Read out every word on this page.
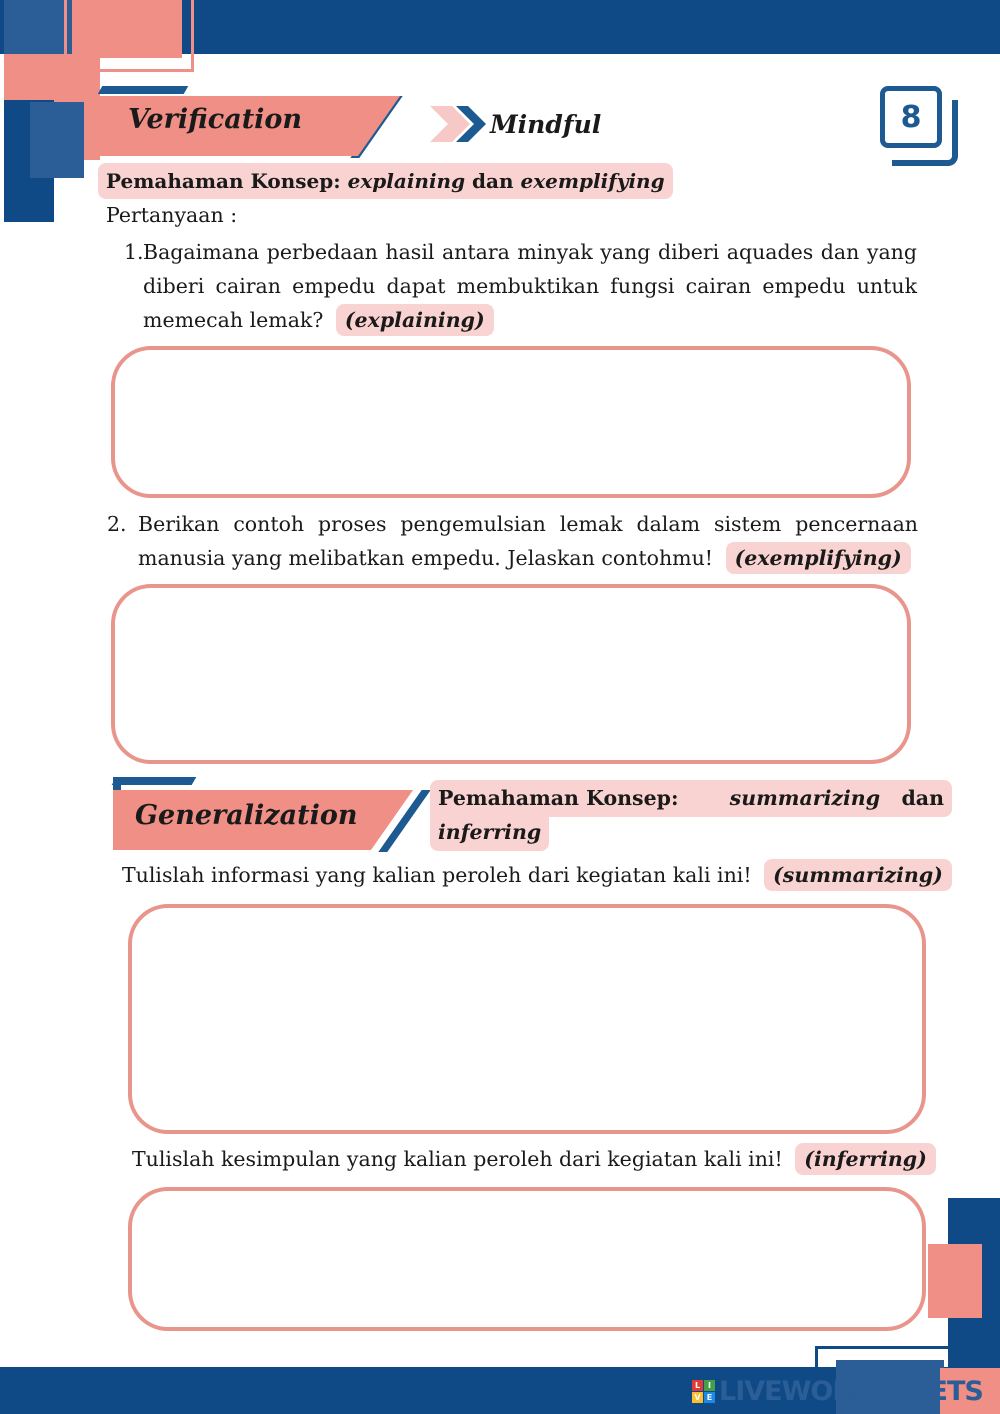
8
Verification	Mindful
Pemahaman Konsep: explaining dan exemplifying
Pertanyaan :
1. Bagaimana perbedaan hasil antara minyak yang diberi aquades dan yang
diberi cairan empedu dapat membuktikan fungsi cairan empedu untuk
memecah lemak? (explaining)
2. Berikan contoh proses pengemulsian lemak dalam sistem pencernaan
manusia yang melibatkan empedu. Jelaskan contohmu! (exemplifying)
Generalization
Pemahaman Konsep: summarizing dan
inferring
Tulislah informasi yang kalian peroleh dari kegiatan kali ini! (summarizing)
Tulislah kesimpulan yang kalian peroleh dari kegiatan kali ini! (inferring)
L I
V E LIVEWORKSHEETS
